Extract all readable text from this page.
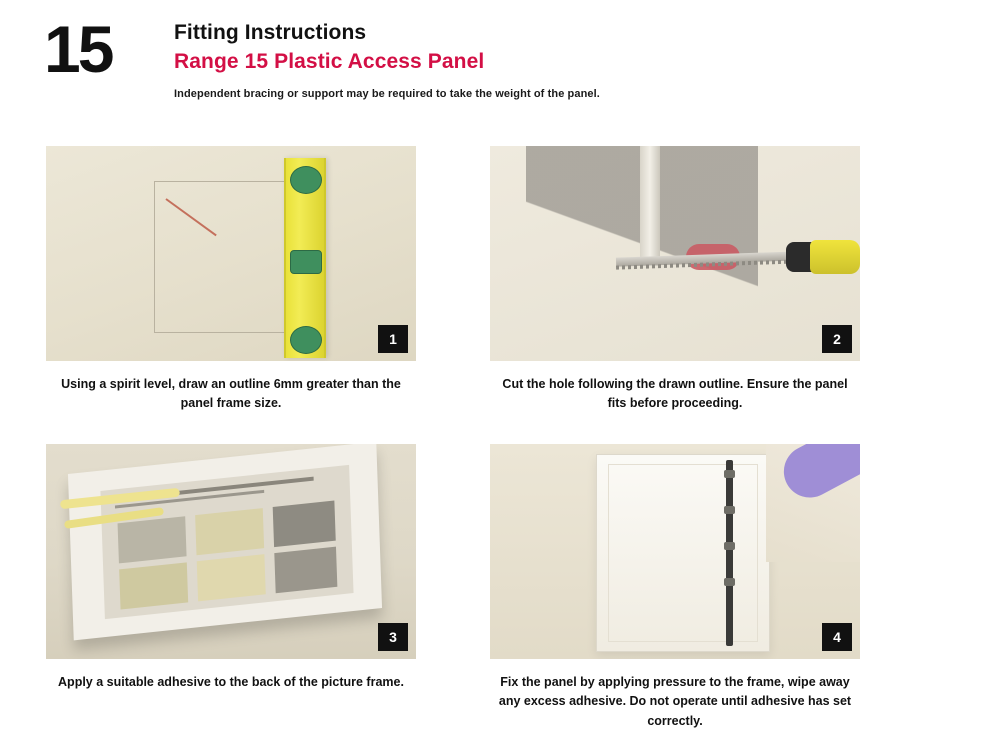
15	Fitting Instructions
Range 15 Plastic Access Panel
Independent bracing or support may be required to take the weight of the panel.
1
Using a spirit level, draw an outline 6mm greater than the panel frame size.
2
Cut the hole following the drawn outline. Ensure the panel fits before proceeding.
3
Apply a suitable adhesive to the back of the picture frame.
4
Fix the panel by applying pressure to the frame, wipe away any excess adhesive. Do not operate until adhesive has set correctly.
